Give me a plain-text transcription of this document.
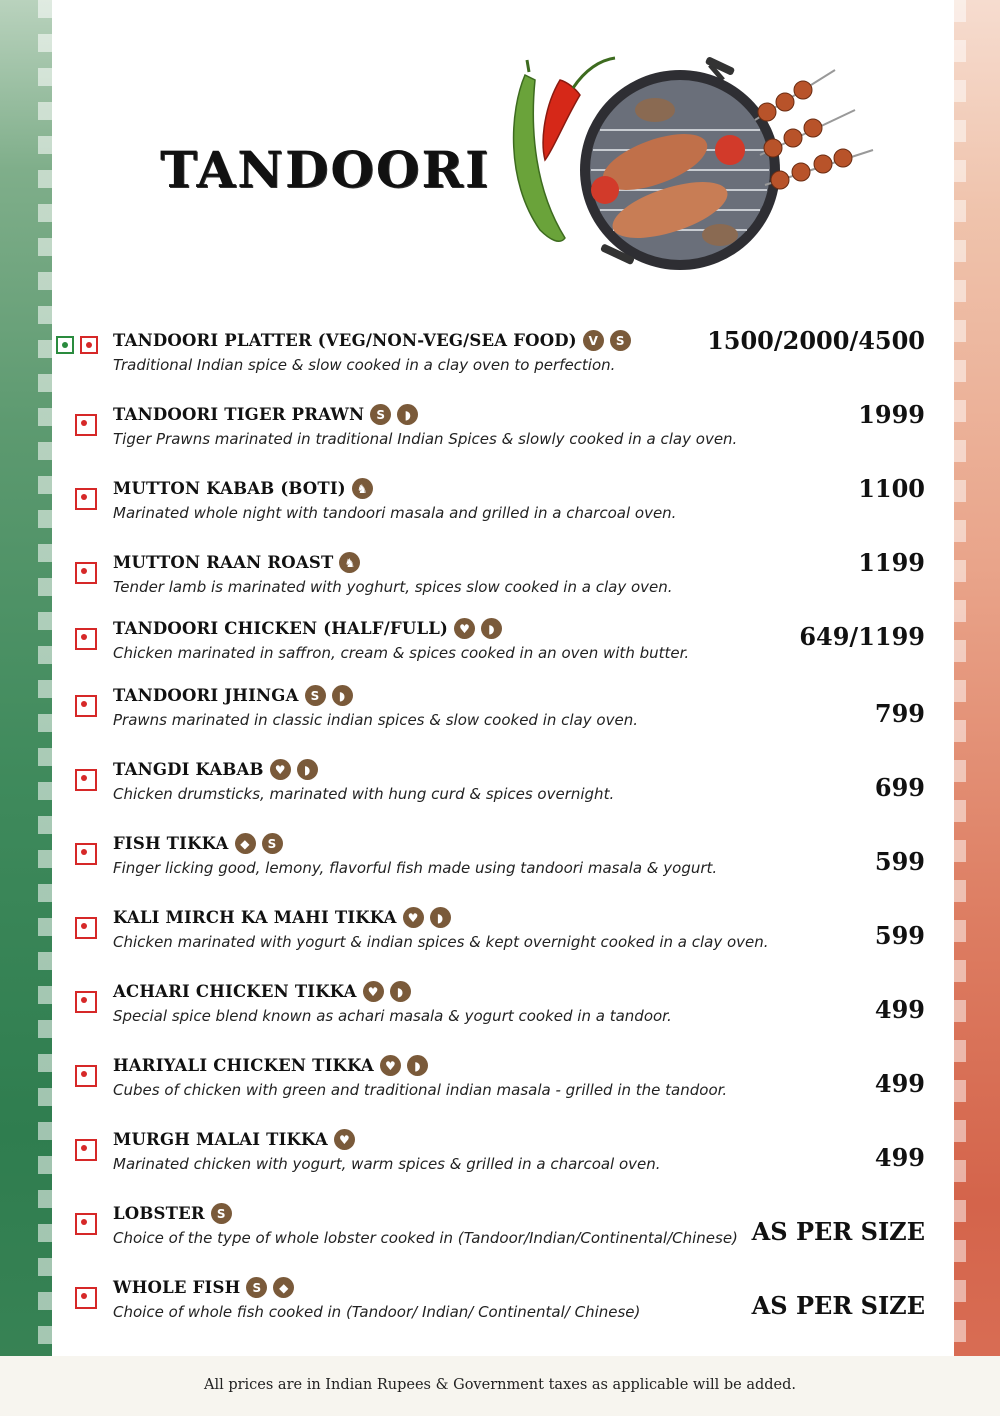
TANDOORI
TANDOORI PLATTER (VEG/NON-VEG/SEA FOOD) V	S
Traditional Indian spice & slow cooked in a clay oven to perfection.
1500/2000/4500
TANDOORI TIGER PRAWN	S	◗
Tiger Prawns marinated in traditional Indian Spices & slowly cooked in a clay oven.
1999
MUTTON KABAB (BOTI) ♞
Marinated whole night with tandoori masala and grilled in a charcoal oven.
1100
MUTTON RAAN ROAST ♞
Tender lamb is marinated with yoghurt, spices slow cooked in a clay oven.
1199
TANDOORI CHICKEN (HALF/FULL) ♥	◗
Chicken marinated in saffron, cream & spices cooked in an oven with butter.
649/1199
TANDOORI JHINGA	S	◗
Prawns marinated in classic indian spices & slow cooked in clay oven.	799
TANGDI KABAB ♥	◗
Chicken drumsticks, marinated with hung curd & spices overnight.	699
FISH TIKKA ◆	S
Finger licking good, lemony, flavorful fish made using tandoori masala & yogurt.	599
KALI MIRCH KA MAHI TIKKA ♥	◗
Chicken marinated with yogurt & indian spices & kept overnight cooked in a clay oven.	599
ACHARI CHICKEN TIKKA ♥	◗
Special spice blend known as achari masala & yogurt cooked in a tandoor.	499
HARIYALI CHICKEN TIKKA ♥	◗
Cubes of chicken with green and traditional indian masala - grilled in the tandoor.	499
MURGH MALAI TIKKA ♥
Marinated chicken with yogurt, warm spices & grilled in a charcoal oven.	499
LOBSTER	S
Choice of the type of whole lobster cooked in (Tandoor/Indian/Continental/Chinese) AS PER SIZE
WHOLE FISH	S	◆
Choice of whole fish cooked in (Tandoor/ Indian/ Continental/ Chinese)	AS PER SIZE
All prices are in Indian Rupees & Government taxes as applicable will be added.
